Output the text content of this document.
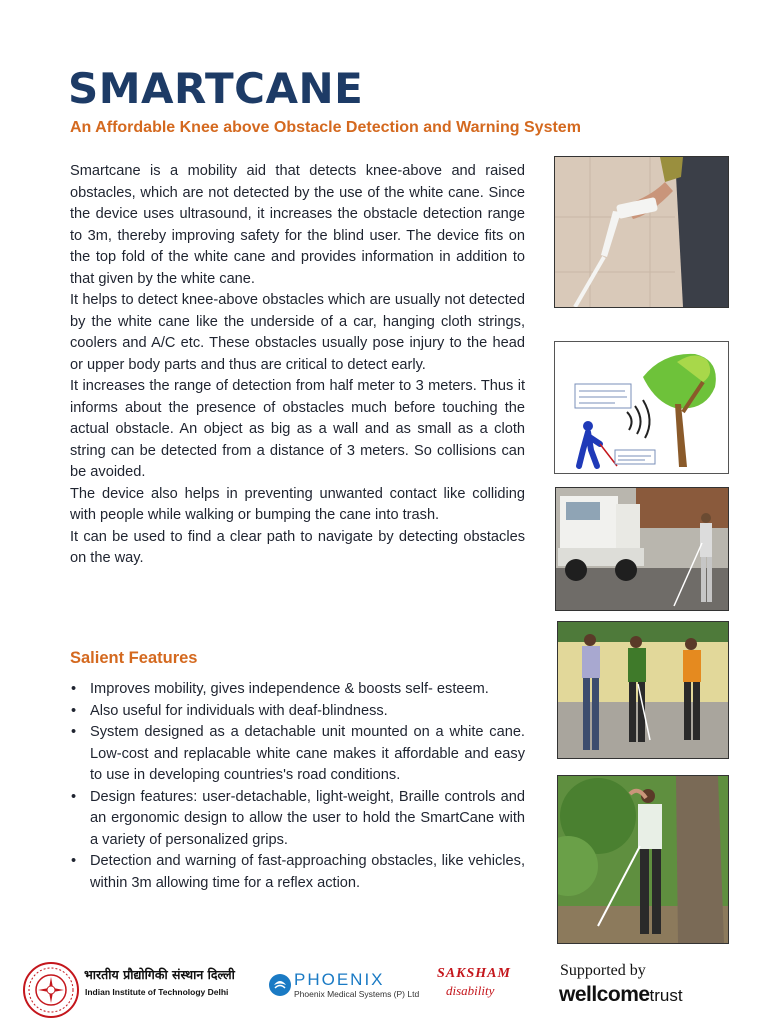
SMARTCANE
An Affordable Knee above Obstacle Detection and Warning System

Smartcane is a mobility aid that detects knee-above and raised obstacles, which are not detected by the use of the white cane. Since the device uses ultrasound, it increases the obstacle detection range to 3m, thereby improving safety for the blind user. The device fits on the top fold of the white cane and provides information in addition to that given by the white cane.

It helps to detect knee-above obstacles which are usually not detected by the white cane like the underside of a car, hanging cloth strings, coolers and A/C etc. These obstacles usually pose injury to the head or upper body parts and thus are critical to detect early.

It increases the range of detection from half meter to 3 meters. Thus it informs about the presence of obstacles much before touching the actual obstacle. An object as big as a wall and as small as a cloth string can be detected from a distance of 3 meters. So collisions can be avoided.

The device also helps in preventing unwanted contact like colliding with people while walking or bumping the cane into trash.

It can be used to find a clear path to navigate by detecting obstacles on the way.

Salient Features
• Improves mobility, gives independence & boosts self- esteem.
• Also useful for individuals with deaf-blindness.
• System designed as a detachable unit mounted on a white cane. Low-cost and replacable white cane makes it affordable and easy to use in developing countries's road conditions.
• Design features: user-detachable, light-weight, Braille controls and an ergonomic design to allow the user to hold the SmartCane with a variety of personalized grips.
• Detection and warning of fast-approaching obstacles, like vehicles, within 3m allowing time for a reflex action.
भारतीय प्रौद्योगिकी संस्थान दिल्ली
Indian Institute of Technology Delhi
PHOENIX
Phoenix Medical Systems (P) Ltd
SAKSHAM
disability
Supported by
wellcometrust
